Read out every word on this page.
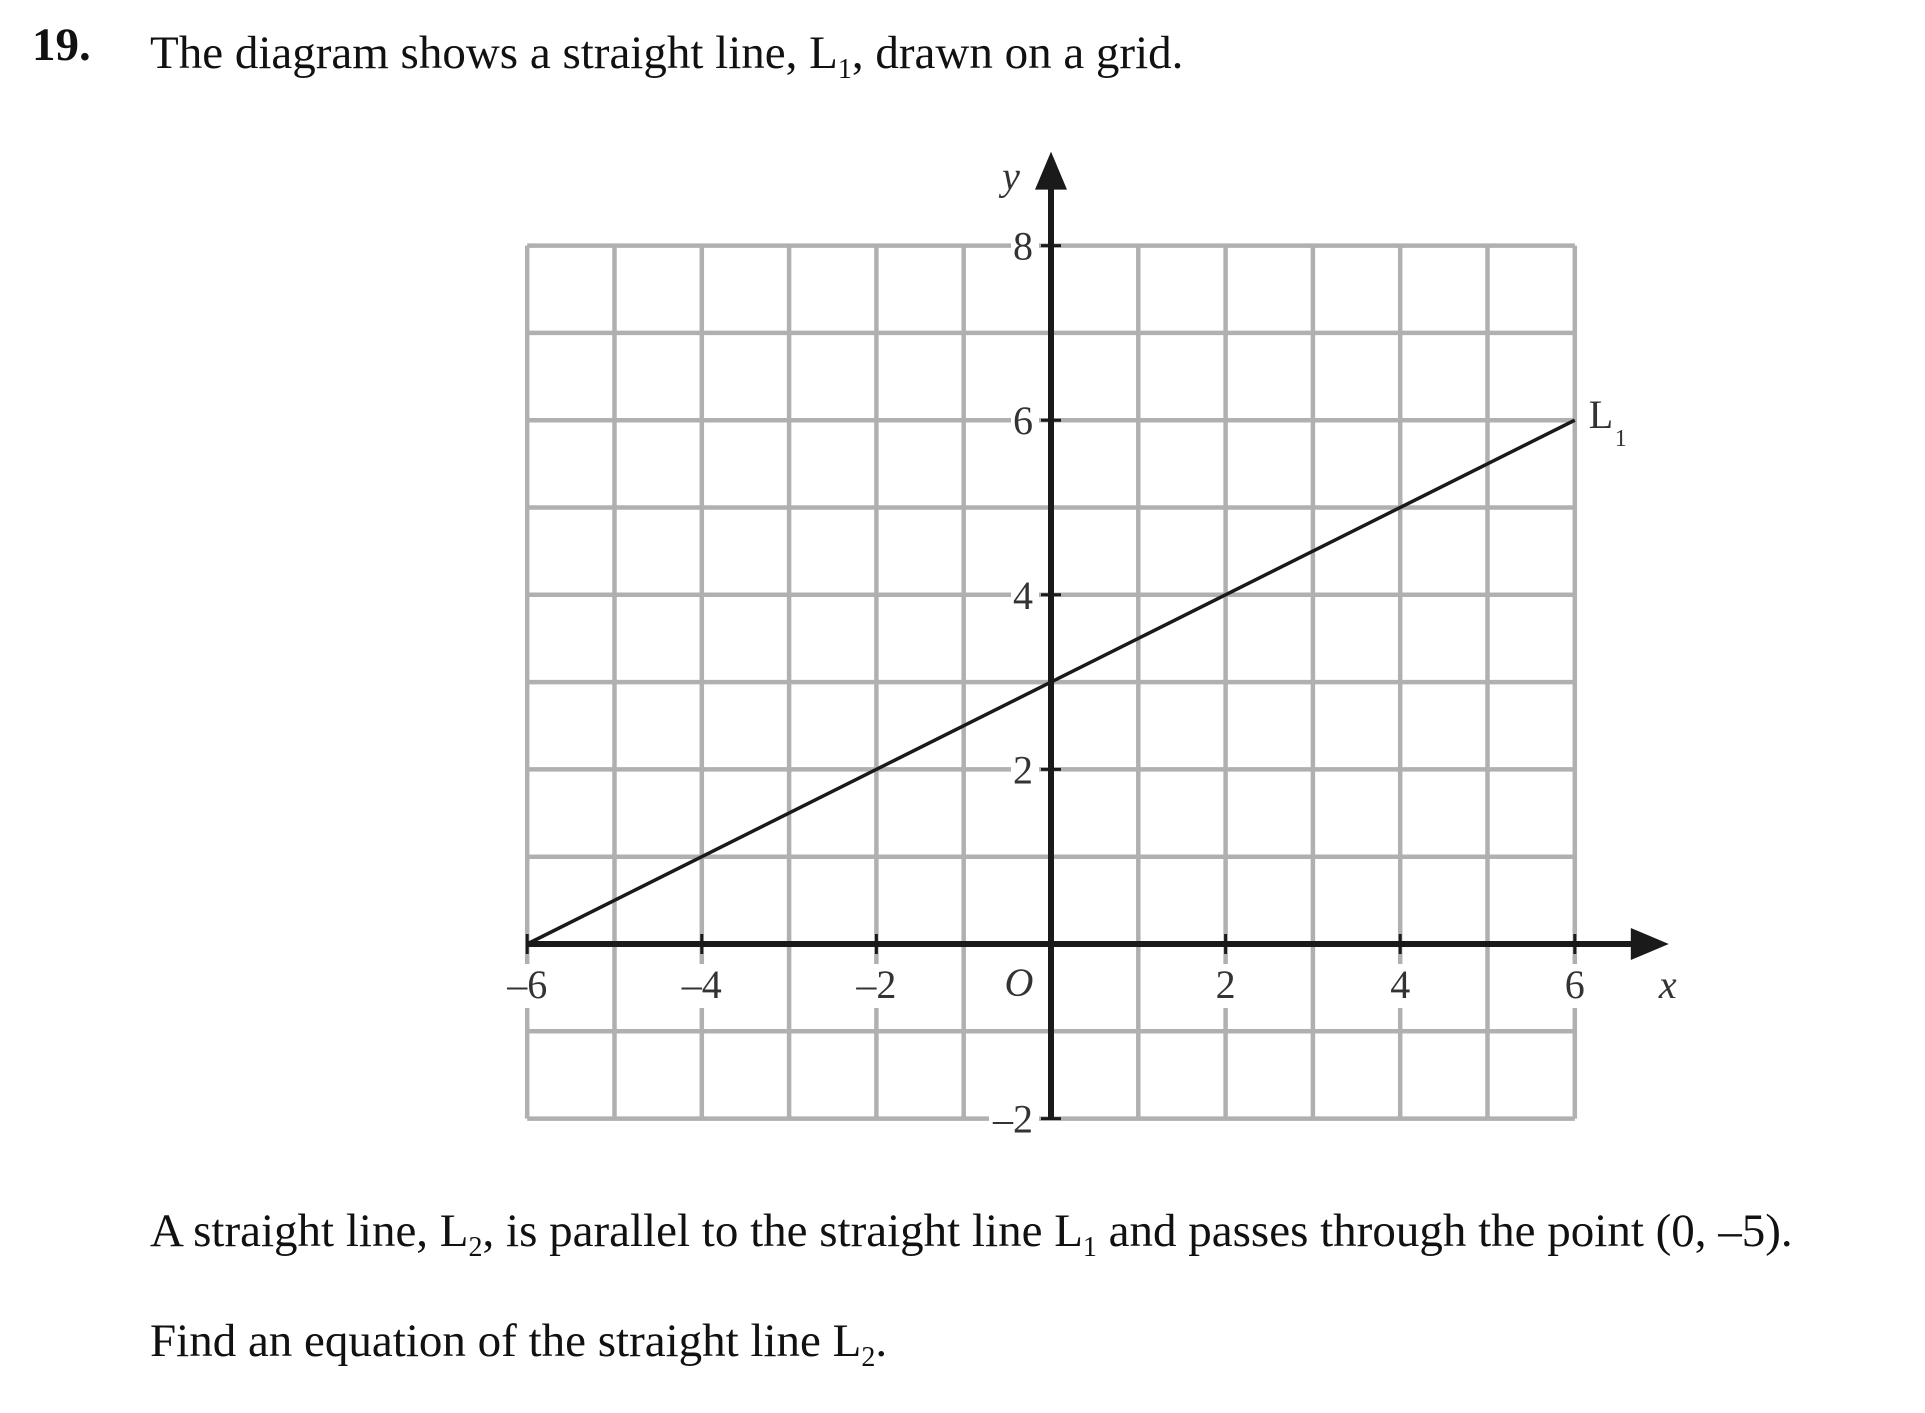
19. The diagram shows a straight line, $L_1$, drawn on a grid.
–6	–4	–2	2	4	6
8
6
4
2
–2
O	x
y
L
1
A straight line, $L_2$, is parallel to the straight line $L_1$ and passes through the point (0, –5).
Find an equation of the straight line $L_2$.
